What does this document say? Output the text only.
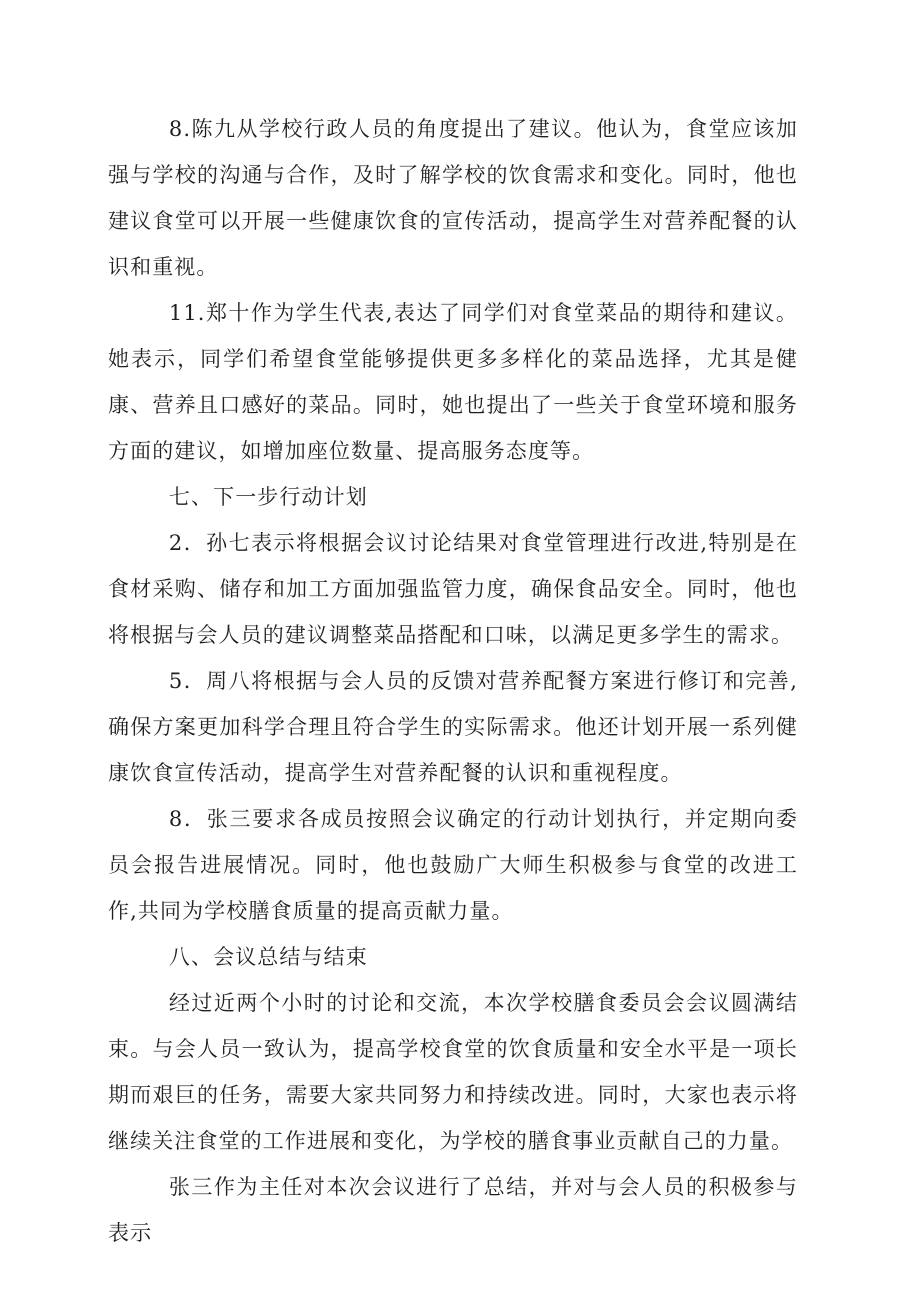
8.陈九从学校行政人员的角度提出了建议。他认为，食堂应该加强与学校的沟通与合作，及时了解学校的饮食需求和变化。同时，他也建议食堂可以开展一些健康饮食的宣传活动，提高学生对营养配餐的认识和重视。

11.郑十作为学生代表,表达了同学们对食堂菜品的期待和建议。她表示，同学们希望食堂能够提供更多多样化的菜品选择，尤其是健康、营养且口感好的菜品。同时，她也提出了一些关于食堂环境和服务方面的建议，如增加座位数量、提高服务态度等。

七、下一步行动计划

2．孙七表示将根据会议讨论结果对食堂管理进行改进,特别是在食材采购、储存和加工方面加强监管力度，确保食品安全。同时，他也将根据与会人员的建议调整菜品搭配和口味，以满足更多学生的需求。

5．周八将根据与会人员的反馈对营养配餐方案进行修订和完善,确保方案更加科学合理且符合学生的实际需求。他还计划开展一系列健康饮食宣传活动，提高学生对营养配餐的认识和重视程度。

8．张三要求各成员按照会议确定的行动计划执行，并定期向委员会报告进展情况。同时，他也鼓励广大师生积极参与食堂的改进工作,共同为学校膳食质量的提高贡献力量。

八、会议总结与结束

经过近两个小时的讨论和交流，本次学校膳食委员会会议圆满结束。与会人员一致认为，提高学校食堂的饮食质量和安全水平是一项长期而艰巨的任务，需要大家共同努力和持续改进。同时，大家也表示将继续关注食堂的工作进展和变化，为学校的膳食事业贡献自己的力量。

张三作为主任对本次会议进行了总结，并对与会人员的积极参与表示
